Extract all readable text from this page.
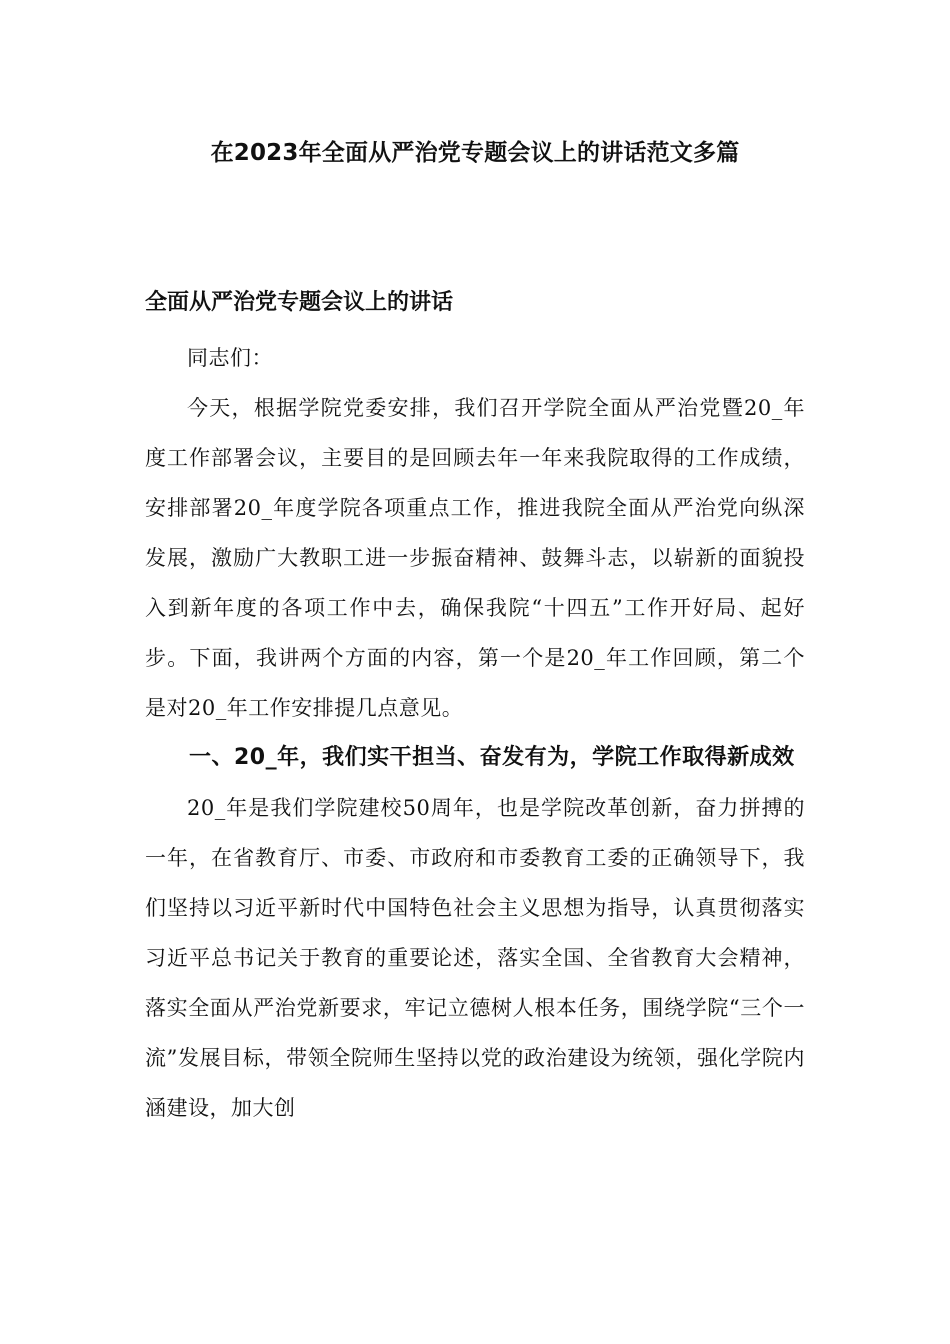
在2023年全面从严治党专题会议上的讲话范文多篇
全面从严治党专题会议上的讲话

同志们：

今天，根据学院党委安排，我们召开学院全面从严治党暨20_年度工作部署会议，主要目的是回顾去年一年来我院取得的工作成绩，安排部署20_年度学院各项重点工作，推进我院全面从严治党向纵深发展，激励广大教职工进一步振奋精神、鼓舞斗志，以崭新的面貌投入到新年度的各项工作中去，确保我院“十四五”工作开好局、起好步。下面，我讲两个方面的内容，第一个是20_年工作回顾，第二个是对20_年工作安排提几点意见。

一、20_年，我们实干担当、奋发有为，学院工作取得新成效

20_年是我们学院建校50周年，也是学院改革创新，奋力拼搏的一年，在省教育厅、市委、市政府和市委教育工委的正确领导下，我们坚持以习近平新时代中国特色社会主义思想为指导，认真贯彻落实习近平总书记关于教育的重要论述，落实全国、全省教育大会精神，落实全面从严治党新要求，牢记立德树人根本任务，围绕学院“三个一流”发展目标，带领全院师生坚持以党的政治建设为统领，强化学院内涵建设，加大创
